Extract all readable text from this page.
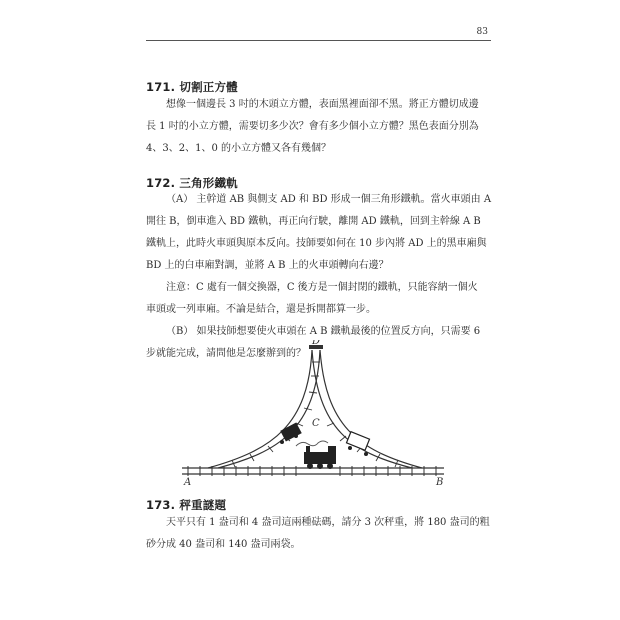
83
171. 切割正方體
想像一個邊長 3 吋的木頭立方體，表面黑裡面卻不黑。將正方體切成邊
長 1 吋的小立方體，需要切多少次？會有多少個小立方體？黑色表面分別為
4、3、2、1、0 的小立方體又各有幾個？
172. 三角形鐵軌
（A） 主幹道 AB 與側支 AD 和 BD 形成一個三角形鐵軌。當火車頭由 A
開往 B，倒車進入 BD 鐵軌，再正向行駛，離開 AD 鐵軌，回到主幹線 A B
鐵軌上，此時火車頭與原本反向。技師要如何在 10 步內將 AD 上的黑車廂與
BD 上的白車廂對調，並將 A B 上的火車頭轉向右邊？
注意：C 處有一個交換器，C 後方是一個封閉的鐵軌，只能容納一個火
車頭或一列車廂。不論是結合，還是拆開都算一步。
（B） 如果技師想要使火車頭在 A B 鐵軌最後的位置反方向，只需要 6
步就能完成，請問他是怎麼辦到的？
A	B
C
D
173. 秤重謎題
天平只有 1 盎司和 4 盎司這兩種砝碼，請分 3 次秤重，將 180 盎司的粗
砂分成 40 盎司和 140 盎司兩袋。
